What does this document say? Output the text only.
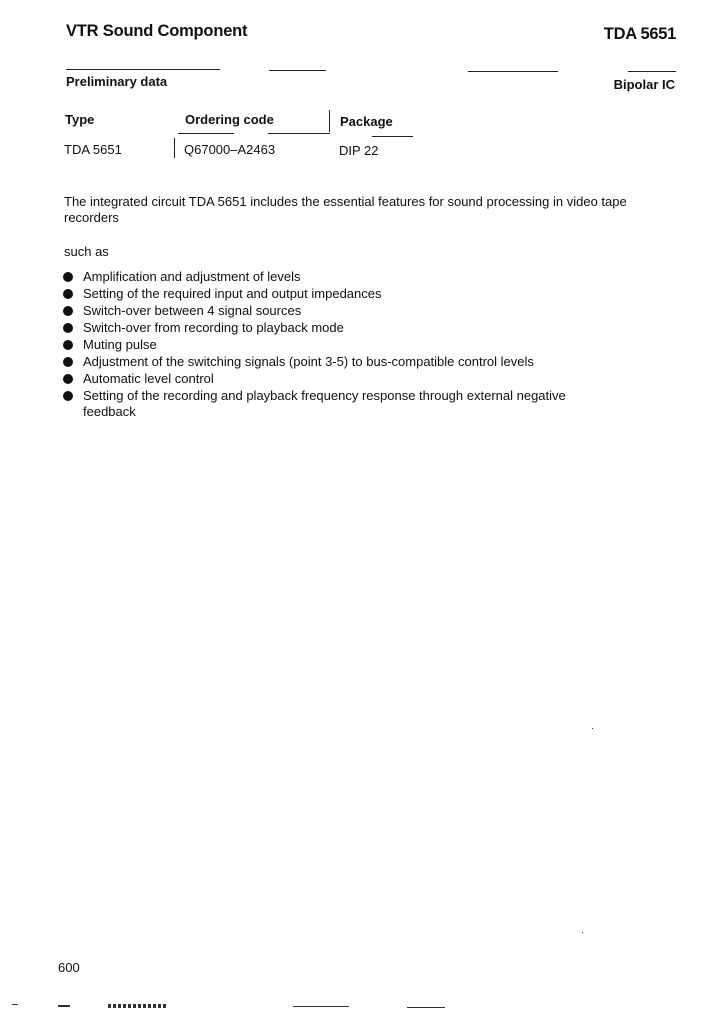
VTR Sound Component	TDA 5651
Preliminary data	Bipolar IC
Type	Ordering code	Package
TDA 5651	Q67000–A2463	DIP 22
The integrated circuit TDA 5651 includes the essential features for sound processing in video tape recorders
such as
Amplification and adjustment of levels
Setting of the required input and output impedances
Switch-over between 4 signal sources
Switch-over from recording to playback mode
Muting pulse
Adjustment of the switching signals (point 3-5) to bus-compatible control levels
Automatic level control
Setting of the recording and playback frequency response through external negative feedback
600
